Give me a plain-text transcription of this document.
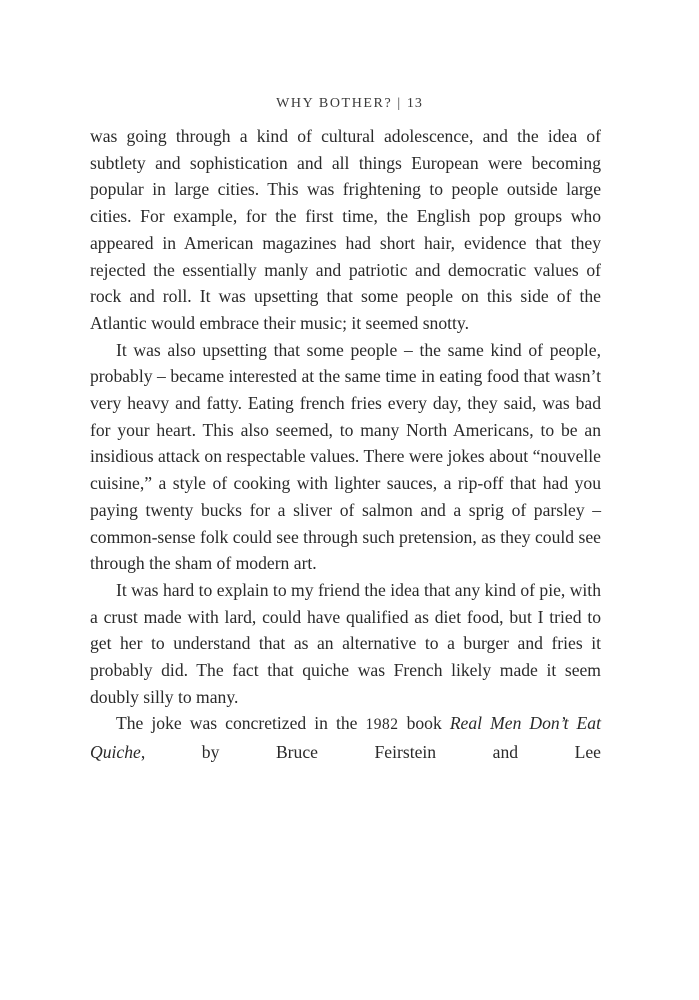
WHY BOTHER? | 13

was going through a kind of cultural adolescence, and the idea of subtlety and sophistication and all things European were becoming popular in large cities. This was frightening to people outside large cities. For example, for the first time, the English pop groups who appeared in American magazines had short hair, evidence that they rejected the essentially manly and patriotic and democratic values of rock and roll. It was upsetting that some people on this side of the Atlantic would embrace their music; it seemed snotty.

It was also upsetting that some people – the same kind of people, probably – became interested at the same time in eating food that wasn’t very heavy and fatty. Eating french fries every day, they said, was bad for your heart. This also seemed, to many North Americans, to be an insidious attack on respectable values. There were jokes about “nouvelle cuisine,” a style of cooking with lighter sauces, a rip-off that had you paying twenty bucks for a sliver of salmon and a sprig of parsley – common-sense folk could see through such pretension, as they could see through the sham of modern art.

It was hard to explain to my friend the idea that any kind of pie, with a crust made with lard, could have qualified as diet food, but I tried to get her to understand that as an alternative to a burger and fries it probably did. The fact that quiche was French likely made it seem doubly silly to many.

The joke was concretized in the 1982 book Real Men Don’t Eat Quiche, by Bruce Feirstein and Lee
